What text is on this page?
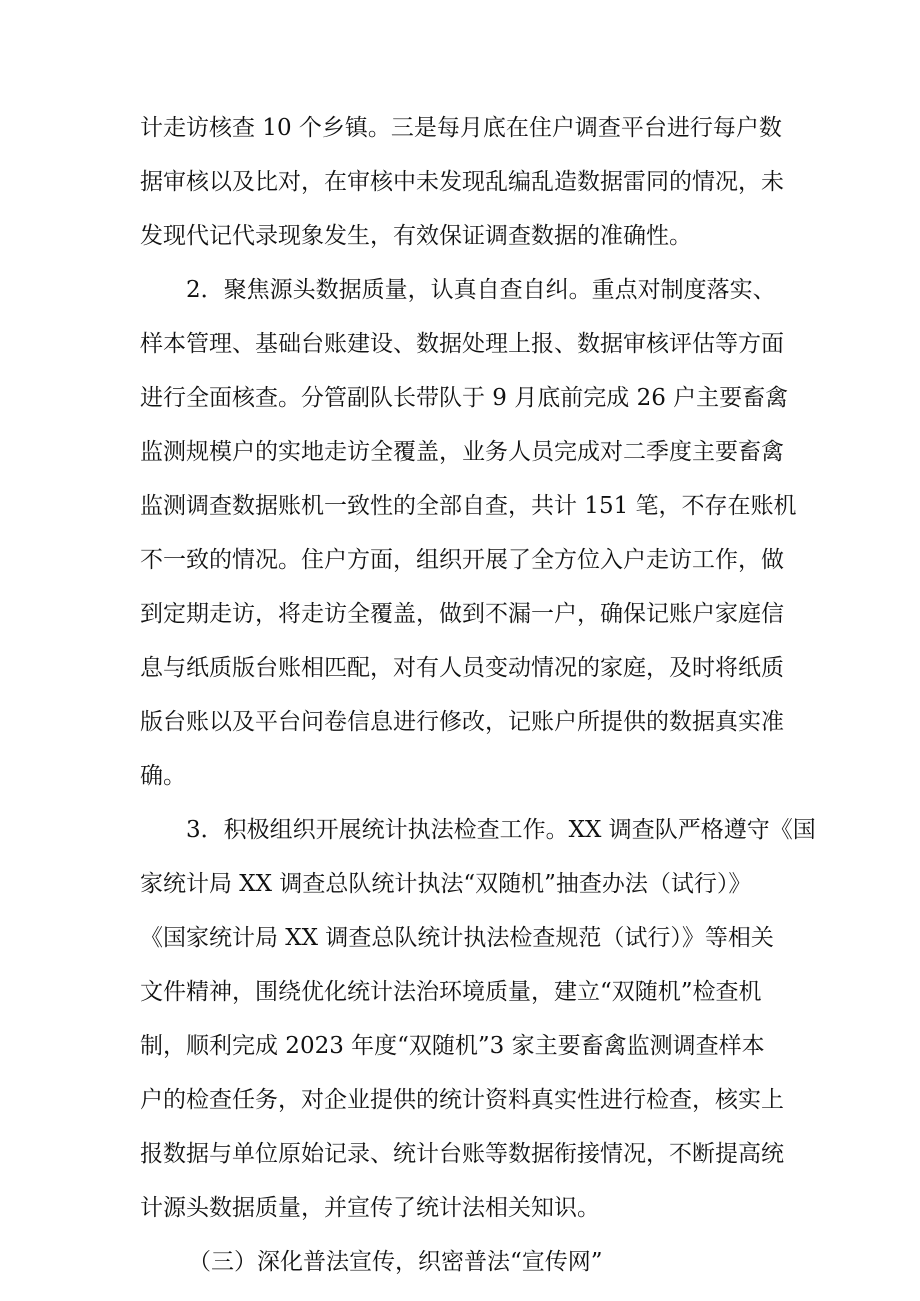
计走访核查 10 个乡镇。三是每月底在住户调查平台进行每户数
据审核以及比对，在审核中未发现乱编乱造数据雷同的情况，未
发现代记代录现象发生，有效保证调查数据的准确性。
2．聚焦源头数据质量，认真自查自纠。重点对制度落实、
样本管理、基础台账建设、数据处理上报、数据审核评估等方面
进行全面核查。分管副队长带队于 9 月底前完成 26 户主要畜禽
监测规模户的实地走访全覆盖，业务人员完成对二季度主要畜禽
监测调查数据账机一致性的全部自查，共计 151 笔，不存在账机
不一致的情况。住户方面，组织开展了全方位入户走访工作，做
到定期走访，将走访全覆盖，做到不漏一户，确保记账户家庭信
息与纸质版台账相匹配，对有人员变动情况的家庭，及时将纸质
版台账以及平台问卷信息进行修改，记账户所提供的数据真实准
确。
3．积极组织开展统计执法检查工作。XX 调查队严格遵守《国
家统计局 XX 调查总队统计执法“双随机”抽查办法（试行）》
《国家统计局 XX 调查总队统计执法检查规范（试行）》等相关
文件精神，围绕优化统计法治环境质量，建立“双随机”检查机
制，顺利完成 2023 年度“双随机”3 家主要畜禽监测调查样本
户的检查任务，对企业提供的统计资料真实性进行检查，核实上
报数据与单位原始记录、统计台账等数据衔接情况，不断提高统
计源头数据质量，并宣传了统计法相关知识。
（三）深化普法宣传，织密普法“宣传网”
